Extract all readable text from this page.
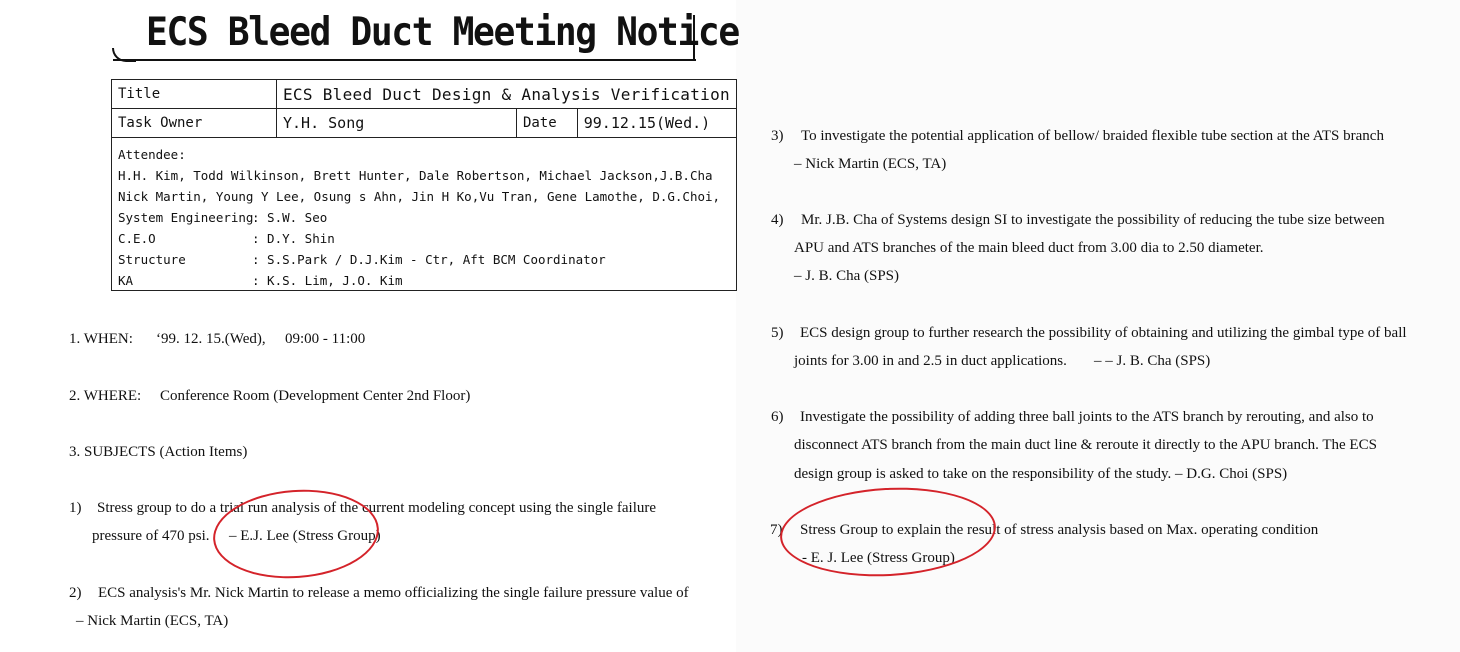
ECS Bleed Duct Meeting Notice
Title	ECS Bleed Duct Design & Analysis Verification		
Task Owner	Y.H. Song	Date	99.12.15(Wed.)

Attendee:
H.H. Kim, Todd Wilkinson, Brett Hunter, Dale Robertson, Michael Jackson,J.B.Cha
Nick Martin, Young Y Lee, Osung s Ahn, Jin H Ko,Vu Tran, Gene Lamothe, D.G.Choi,
System Engineering
: S.W. Seo
C.E.O	: D.Y. Shin
Structure	: S.S.Park / D.J.Kim - Ctr, Aft BCM Coordinator
KA	: K.S. Lim, J.O. Kim
1. WHEN: ‘99. 12. 15.(Wed), 09:00 - 11:00
2. WHERE: Conference Room (Development Center 2nd Floor)
3. SUBJECTS (Action Items)
1) Stress group to do a trial run analysis of the current modeling concept using the single failure
pressure of 470 psi. – E.J. Lee (Stress Group)
2) ECS analysis's Mr. Nick Martin to release a memo officializing the single failure pressure value of
– Nick Martin (ECS, TA)
3) To investigate the potential application of bellow/ braided flexible tube section at the ATS branch
– Nick Martin (ECS, TA)
4) Mr. J.B. Cha of Systems design SI to investigate the possibility of reducing the tube size between
APU and ATS branches of the main bleed duct from 3.00 dia to 2.50 diameter.
– J. B. Cha (SPS)
5) ECS design group to further research the possibility of obtaining and utilizing the gimbal type of ball
joints for 3.00 in and 2.5 in duct applications. – – J. B. Cha (SPS)
6) Investigate the possibility of adding three ball joints to the ATS branch by rerouting, and also to
disconnect ATS branch from the main duct line & reroute it directly to the APU branch. The ECS
design group is asked to take on the responsibility of the study. – D.G. Choi (SPS)
7) Stress Group to explain the result of stress analysis based on Max. operating condition
- E. J. Lee (Stress Group)
